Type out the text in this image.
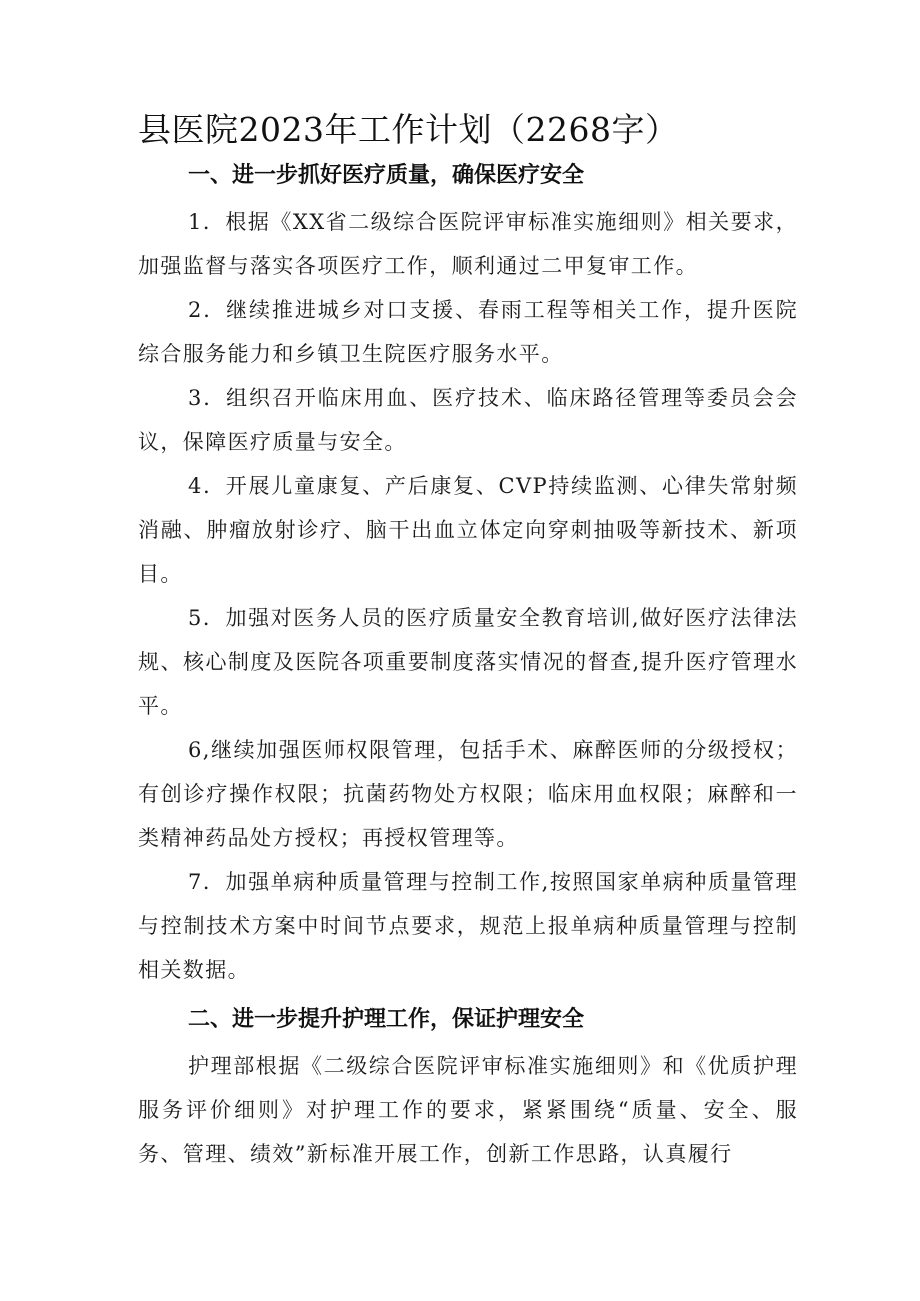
县医院2023年工作计划（2268字）
一、进一步抓好医疗质量，确保医疗安全

1．根据《XX省二级综合医院评审标准实施细则》相关要求，加强监督与落实各项医疗工作，顺利通过二甲复审工作。

2．继续推进城乡对口支援、春雨工程等相关工作，提升医院综合服务能力和乡镇卫生院医疗服务水平。

3．组织召开临床用血、医疗技术、临床路径管理等委员会会议，保障医疗质量与安全。

4．开展儿童康复、产后康复、CVP持续监测、心律失常射频消融、肿瘤放射诊疗、脑干出血立体定向穿刺抽吸等新技术、新项目。

5．加强对医务人员的医疗质量安全教育培训,做好医疗法律法规、核心制度及医院各项重要制度落实情况的督查,提升医疗管理水平。

6,继续加强医师权限管理，包括手术、麻醉医师的分级授权；有创诊疗操作权限；抗菌药物处方权限；临床用血权限；麻醉和一类精神药品处方授权；再授权管理等。

7．加强单病种质量管理与控制工作,按照国家单病种质量管理与控制技术方案中时间节点要求，规范上报单病种质量管理与控制相关数据。

二、进一步提升护理工作，保证护理安全

护理部根据《二级综合医院评审标准实施细则》和《优质护理服务评价细则》对护理工作的要求，紧紧围绕“质量、安全、服务、管理、绩效”新标准开展工作，创新工作思路，认真履行
